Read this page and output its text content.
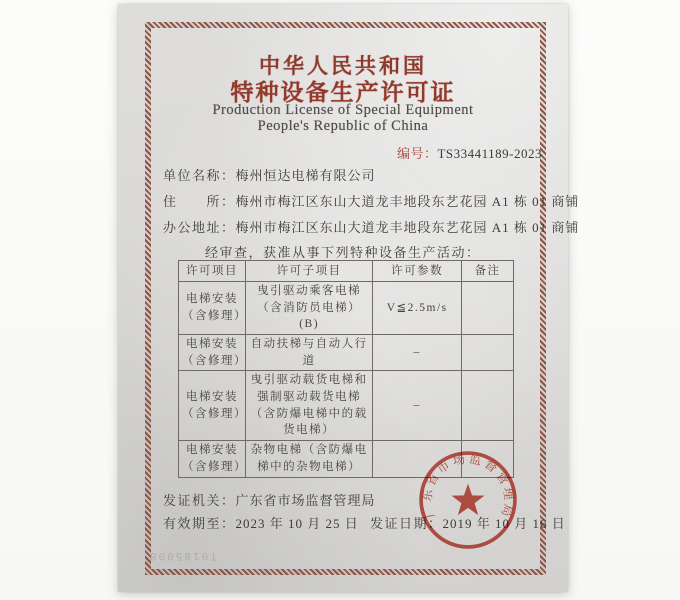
中华人民共和国
特种设备生产许可证
Production License of Special Equipment
People's Republic of China
编号：TS33441189-2023
单位名称：梅州恒达电梯有限公司
住　　所：梅州市梅江区东山大道龙丰地段东艺花园 A1 栋 01 商铺
办公地址：梅州市梅江区东山大道龙丰地段东艺花园 A1 栋 01 商铺
经审查，获准从事下列特种设备生产活动：
许可项目	许可子项目	许可参数	备注

电梯安装
（含修理）	曳引驱动乘客电梯（含消防员电梯）(B)	V≦2.5m/s	

电梯安装
（含修理）	自动扶梯与自动人行道	–	

电梯安装
（含修理）	曳引驱动载货电梯和强制驱动载货电梯（含防爆电梯中的载货电梯）	–	

电梯安装
（含修理）	杂物电梯（含防爆电梯中的杂物电梯）		
发证机关：广东省市场监督管理局
有效期至：2023 年 10 月 25 日 发证日期：2019 年 10 月 16 日
广东省市场监督管理局
T0185008
